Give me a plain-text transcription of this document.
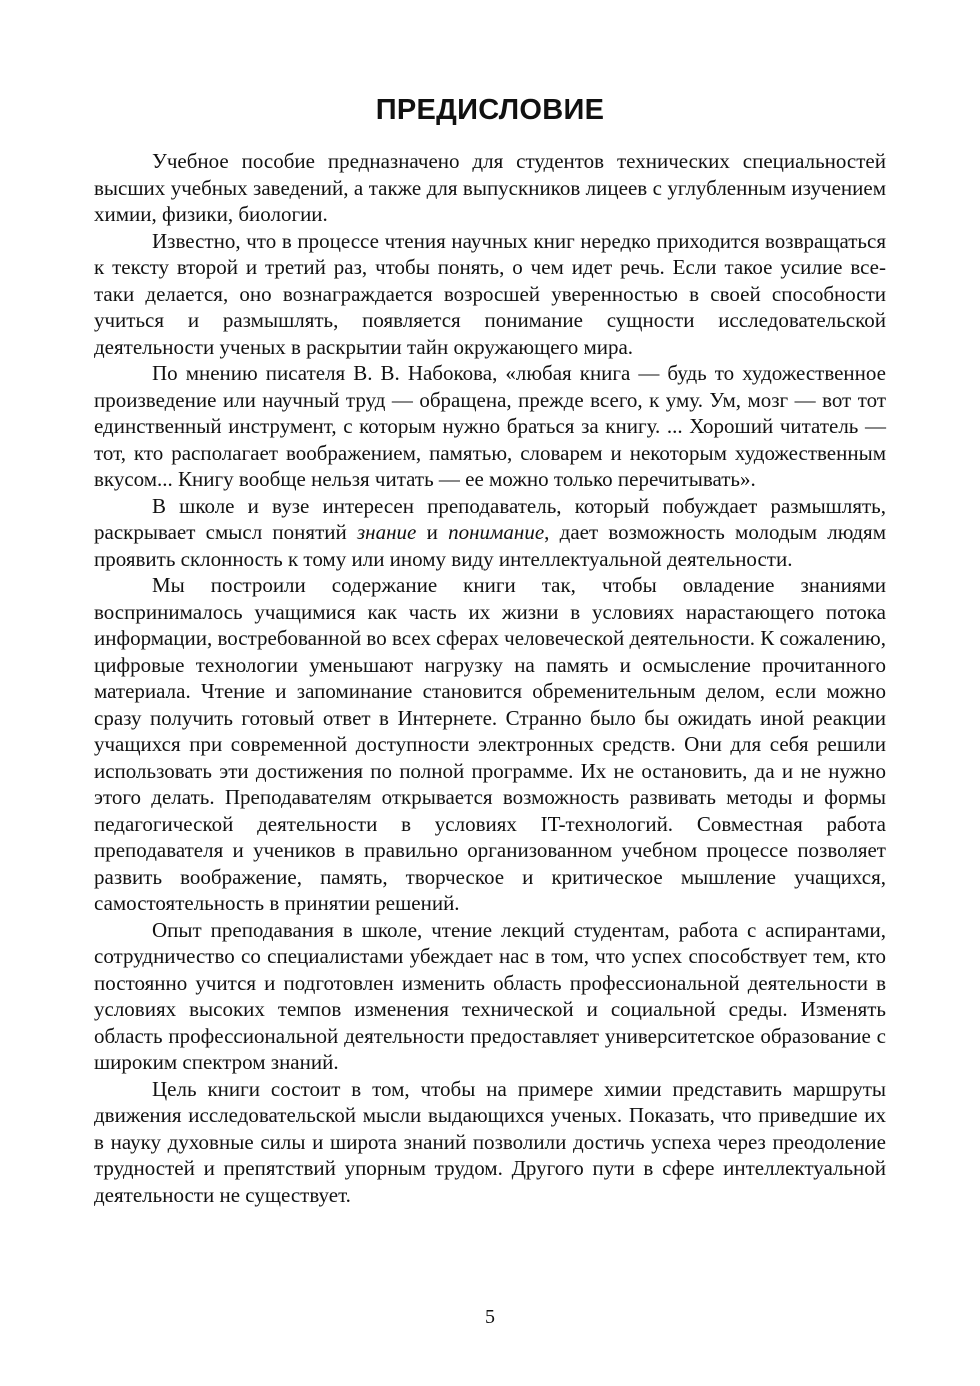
ПРЕДИСЛОВИЕ

Учебное пособие предназначено для студентов технических специальностей высших учебных заведений, а также для выпускников лицеев с углубленным изучением химии, физики, биологии.

Известно, что в процессе чтения научных книг нередко приходится возвращаться к тексту второй и третий раз, чтобы понять, о чем идет речь. Если такое усилие все-таки делается, оно вознаграждается возросшей уверенностью в своей способности учиться и размышлять, появляется понимание сущности исследовательской деятельности ученых в раскрытии тайн окружающего мира.

По мнению писателя В. В. Набокова, «любая книга — будь то художественное произведение или научный труд — обращена, прежде всего, к уму. Ум, мозг — вот тот единственный инструмент, с которым нужно браться за книгу. ... Хороший читатель — тот, кто располагает воображением, памятью, словарем и некоторым художественным вкусом... Книгу вообще нельзя читать — ее можно только перечитывать».

В школе и вузе интересен преподаватель, который побуждает размышлять, раскрывает смысл понятий знание и понимание, дает возможность молодым людям проявить склонность к тому или иному виду интеллектуальной деятельности.

Мы построили содержание книги так, чтобы овладение знаниями воспринималось учащимися как часть их жизни в условиях нарастающего потока информации, востребованной во всех сферах человеческой деятельности. К сожалению, цифровые технологии уменьшают нагрузку на память и осмысление прочитанного материала. Чтение и запоминание становится обременительным делом, если можно сразу получить готовый ответ в Интернете. Странно было бы ожидать иной реакции учащихся при современной доступности электронных средств. Они для себя решили использовать эти достижения по полной программе. Их не остановить, да и не нужно этого делать. Преподавателям открывается возможность развивать методы и формы педагогической деятельности в условиях IT-технологий. Совместная работа преподавателя и учеников в правильно организованном учебном процессе позволяет развить воображение, память, творческое и критическое мышление учащихся, самостоятельность в принятии решений.

Опыт преподавания в школе, чтение лекций студентам, работа с аспирантами, сотрудничество со специалистами убеждает нас в том, что успех способствует тем, кто постоянно учится и подготовлен изменить область профессиональной деятельности в условиях высоких темпов изменения технической и социальной среды. Изменять область профессиональной деятельности предоставляет университетское образование с широким спектром знаний.

Цель книги состоит в том, чтобы на примере химии представить маршруты движения исследовательской мысли выдающихся ученых. Показать, что приведшие их в науку духовные силы и широта знаний позволили достичь успеха через преодоление трудностей и препятствий упорным трудом. Другого пути в сфере интеллектуальной деятельности не существует.

5
